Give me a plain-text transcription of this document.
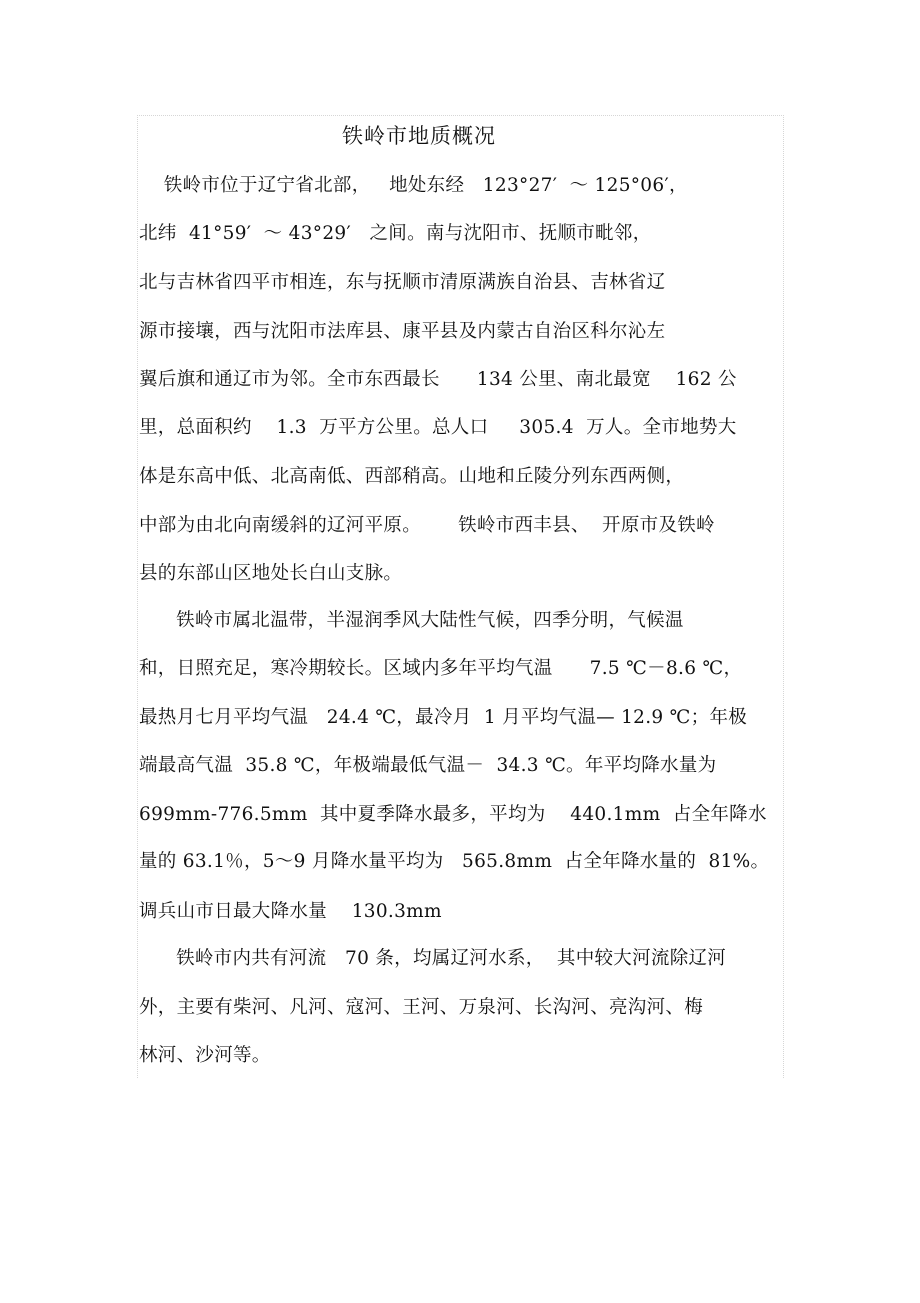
铁岭市地质概况
铁岭市位于辽宁省北部，   地处东经   123°27′  ～ 125°06′，
北纬  41°59′  ～ 43°29′   之间。南与沈阳市、抚顺市毗邻，
北与吉林省四平市相连，东与抚顺市清原满族自治县、吉林省辽
源市接壤，西与沈阳市法库县、康平县及内蒙古自治区科尔沁左
翼后旗和通辽市为邻。全市东西最长      134 公里、南北最宽    162 公
里，总面积约    1.3  万平方公里。总人口     305.4  万人。全市地势大
体是东高中低、北高南低、西部稍高。山地和丘陵分列东西两侧，
中部为由北向南缓斜的辽河平原。      铁岭市西丰县、  开原市及铁岭
县的东部山区地处长白山支脉。
铁岭市属北温带，半湿润季风大陆性气候，四季分明，气候温
和，日照充足，寒冷期较长。区域内多年平均气温      7.5 ℃－8.6 ℃，
最热月七月平均气温   24.4 ℃，最冷月  1 月平均气温— 12.9 ℃；年极
端最高气温  35.8 ℃，年极端最低气温－  34.3 ℃。年平均降水量为
699mm-776.5mm  其中夏季降水最多，平均为    440.1mm  占全年降水
量的 63.1％，5～9 月降水量平均为   565.8mm  占全年降水量的  81%。
调兵山市日最大降水量    130.3mm
铁岭市内共有河流   70 条，均属辽河水系，  其中较大河流除辽河
外，主要有柴河、凡河、寇河、王河、万泉河、长沟河、亮沟河、梅
林河、沙河等。
